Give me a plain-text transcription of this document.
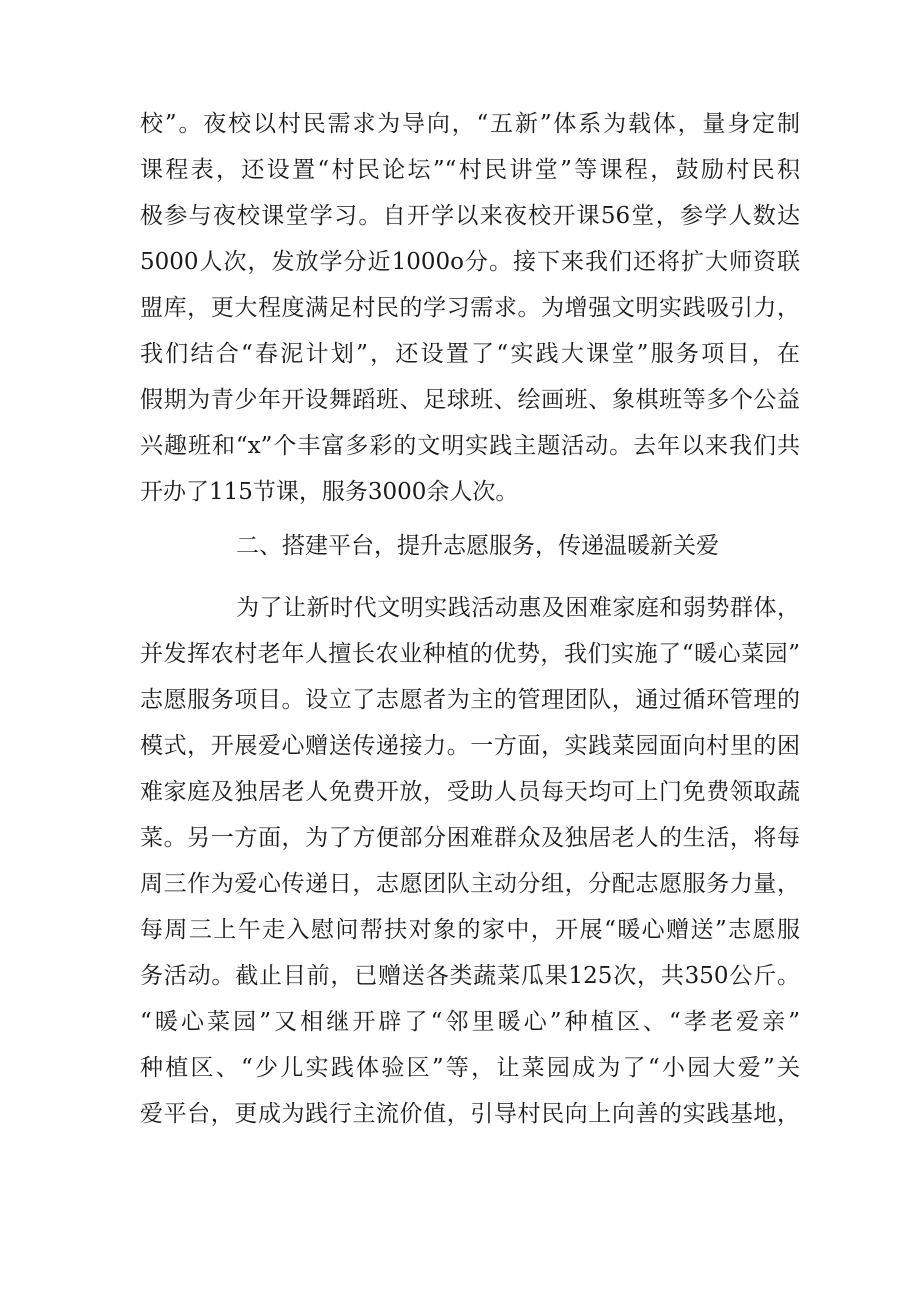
校”。夜校以村民需求为导向，“五新”体系为载体，量身定制
课程表，还设置“村民论坛”“村民讲堂”等课程，鼓励村民积
极参与夜校课堂学习。自开学以来夜校开课56堂，参学人数达
5000人次，发放学分近1000o分。接下来我们还将扩大师资联
盟库，更大程度满足村民的学习需求。为增强文明实践吸引力，
我们结合“春泥计划”，还设置了“实践大课堂”服务项目，在
假期为青少年开设舞蹈班、足球班、绘画班、象棋班等多个公益
兴趣班和“x”个丰富多彩的文明实践主题活动。去年以来我们共
开办了115节课，服务3000余人次。
二、搭建平台，提升志愿服务，传递温暖新关爱
为了让新时代文明实践活动惠及困难家庭和弱势群体，
并发挥农村老年人擅长农业种植的优势，我们实施了“暖心菜园”
志愿服务项目。设立了志愿者为主的管理团队，通过循环管理的
模式，开展爱心赠送传递接力。一方面，实践菜园面向村里的困
难家庭及独居老人免费开放，受助人员每天均可上门免费领取蔬
菜。另一方面，为了方便部分困难群众及独居老人的生活，将每
周三作为爱心传递日，志愿团队主动分组，分配志愿服务力量，
每周三上午走入慰问帮扶对象的家中，开展“暖心赠送”志愿服
务活动。截止目前，已赠送各类蔬菜瓜果125次，共350公斤。
“暖心菜园”又相继开辟了“邻里暖心”种植区、“孝老爱亲”
种植区、“少儿实践体验区”等，让菜园成为了“小园大爱”关
爱平台，更成为践行主流价值，引导村民向上向善的实践基地，
